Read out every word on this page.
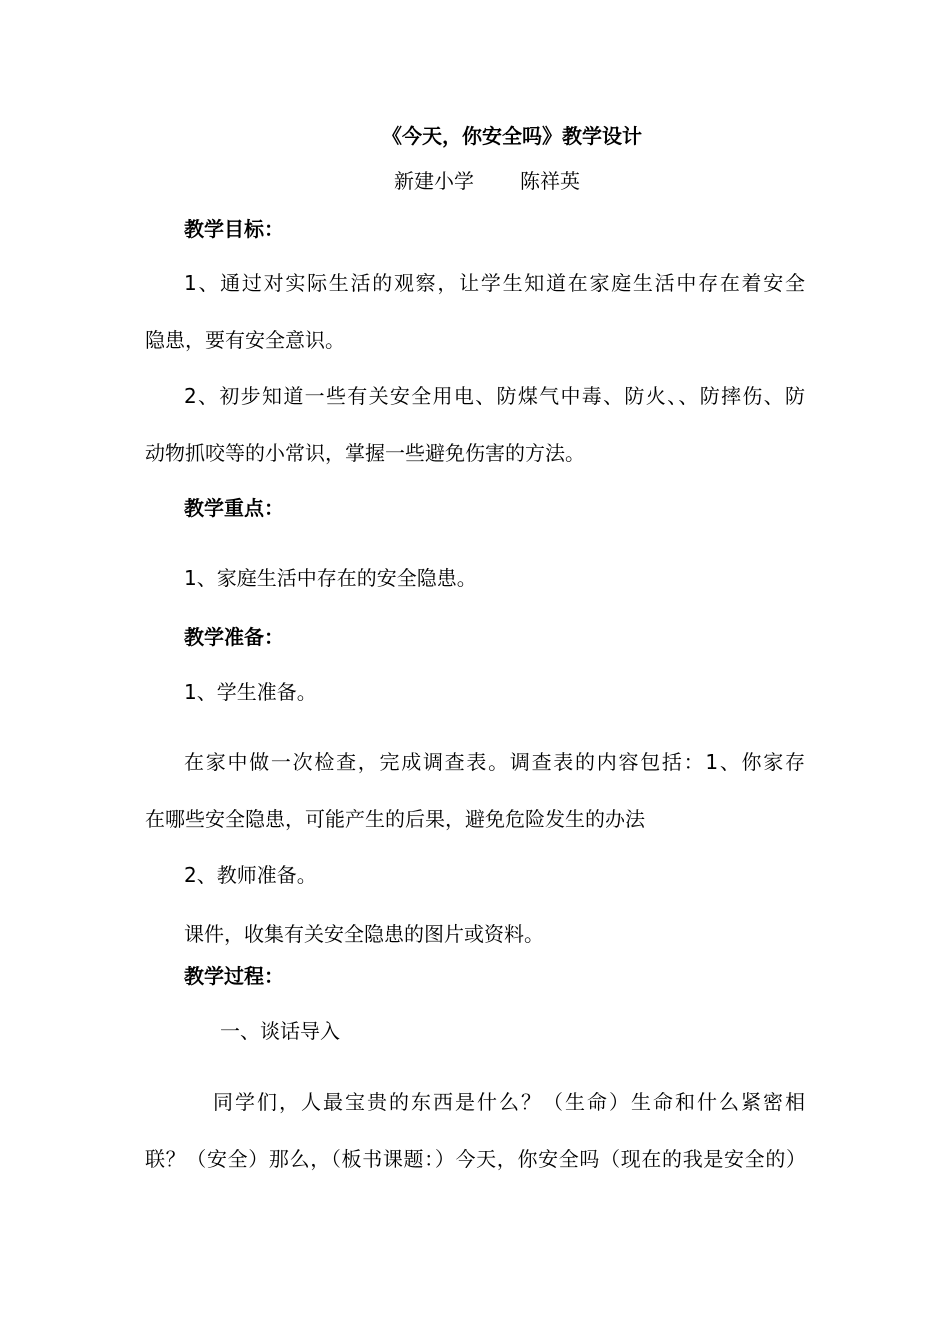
《今天，你安全吗》教学设计
新建小学 陈祥英
教学目标：
1、通过对实际生活的观察，让学生知道在家庭生活中存在着安全
隐患，要有安全意识。
2、初步知道一些有关安全用电、防煤气中毒、防火、、防摔伤、防
动物抓咬等的小常识，掌握一些避免伤害的方法。
教学重点：
1、家庭生活中存在的安全隐患。
教学准备：
1、学生准备。
在家中做一次检查，完成调查表。调查表的内容包括：1、你家存
在哪些安全隐患，可能产生的后果，避免危险发生的办法
2、教师准备。
课件，收集有关安全隐患的图片或资料。
教学过程：
一、谈话导入
同学们，人最宝贵的东西是什么？（生命）生命和什么紧密相
联？（安全）那么，（板书课题：）今天，你安全吗（现在的我是安全的）
